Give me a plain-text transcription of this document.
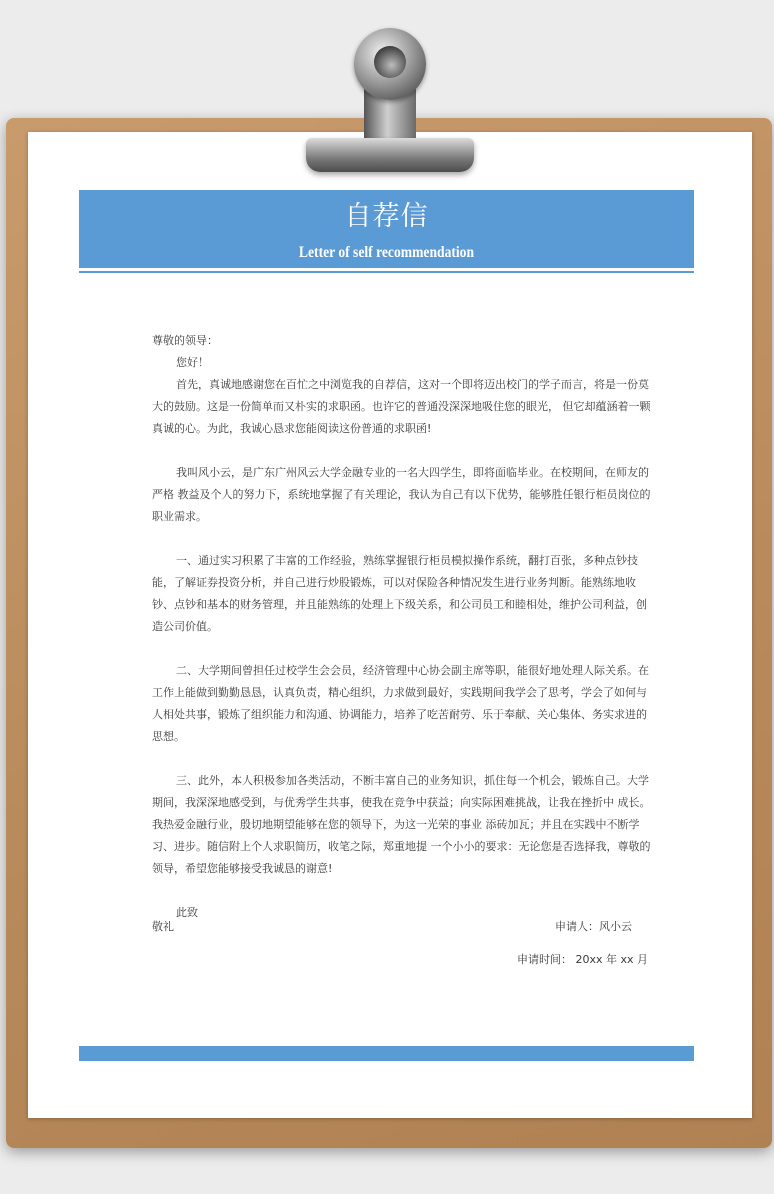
自荐信
Letter of self recommendation

尊敬的领导：

您好！

首先，真诚地感谢您在百忙之中浏览我的自荐信，这对一个即将迈出校门的学子而言，将是一份莫大的鼓励。这是一份简单而又朴实的求职函。也许它的普通没深深地吸住您的眼光， 但它却蕴涵着一颗真诚的心。为此，我诚心恳求您能阅读这份普通的求职函!

我叫风小云，是广东广州风云大学金融专业的一名大四学生，即将面临毕业。在校期间，在师友的严格 教益及个人的努力下，系统地掌握了有关理论，我认为自己有以下优势，能够胜任银行柜员岗位的职业需求。

一、通过实习积累了丰富的工作经验，熟练掌握银行柜员模拟操作系统，翻打百张，多种点钞技能，了解证券投资分析，并自己进行炒股锻炼，可以对保险各种情况发生进行业务判断。能熟练地收钞、点钞和基本的财务管理，并且能熟练的处理上下级关系，和公司员工和睦相处，维护公司利益，创造公司价值。

二、大学期间曾担任过校学生会会员，经济管理中心协会副主席等职，能很好地处理人际关系。在工作上能做到勤勤恳恳，认真负责，精心组织，力求做到最好，实践期间我学会了思考，学会了如何与人相处共事，锻炼了组织能力和沟通、协调能力，培养了吃苦耐劳、乐于奉献、关心集体、务实求进的思想。

三、此外，本人积极参加各类活动，不断丰富自己的业务知识，抓住每一个机会，锻炼自己。大学期间，我深深地感受到，与优秀学生共事，使我在竞争中获益；向实际困难挑战，让我在挫折中 成长。我热爱金融行业，殷切地期望能够在您的领导下，为这一光荣的事业 添砖加瓦；并且在实践中不断学习、进步。随信附上个人求职简历，收笔之际，郑重地提 一个小小的要求：无论您是否选择我，尊敬的领导，希望您能够接受我诚恳的谢意!

此致

敬礼	申请人：风小云
申请时间： 20xx 年 xx 月
